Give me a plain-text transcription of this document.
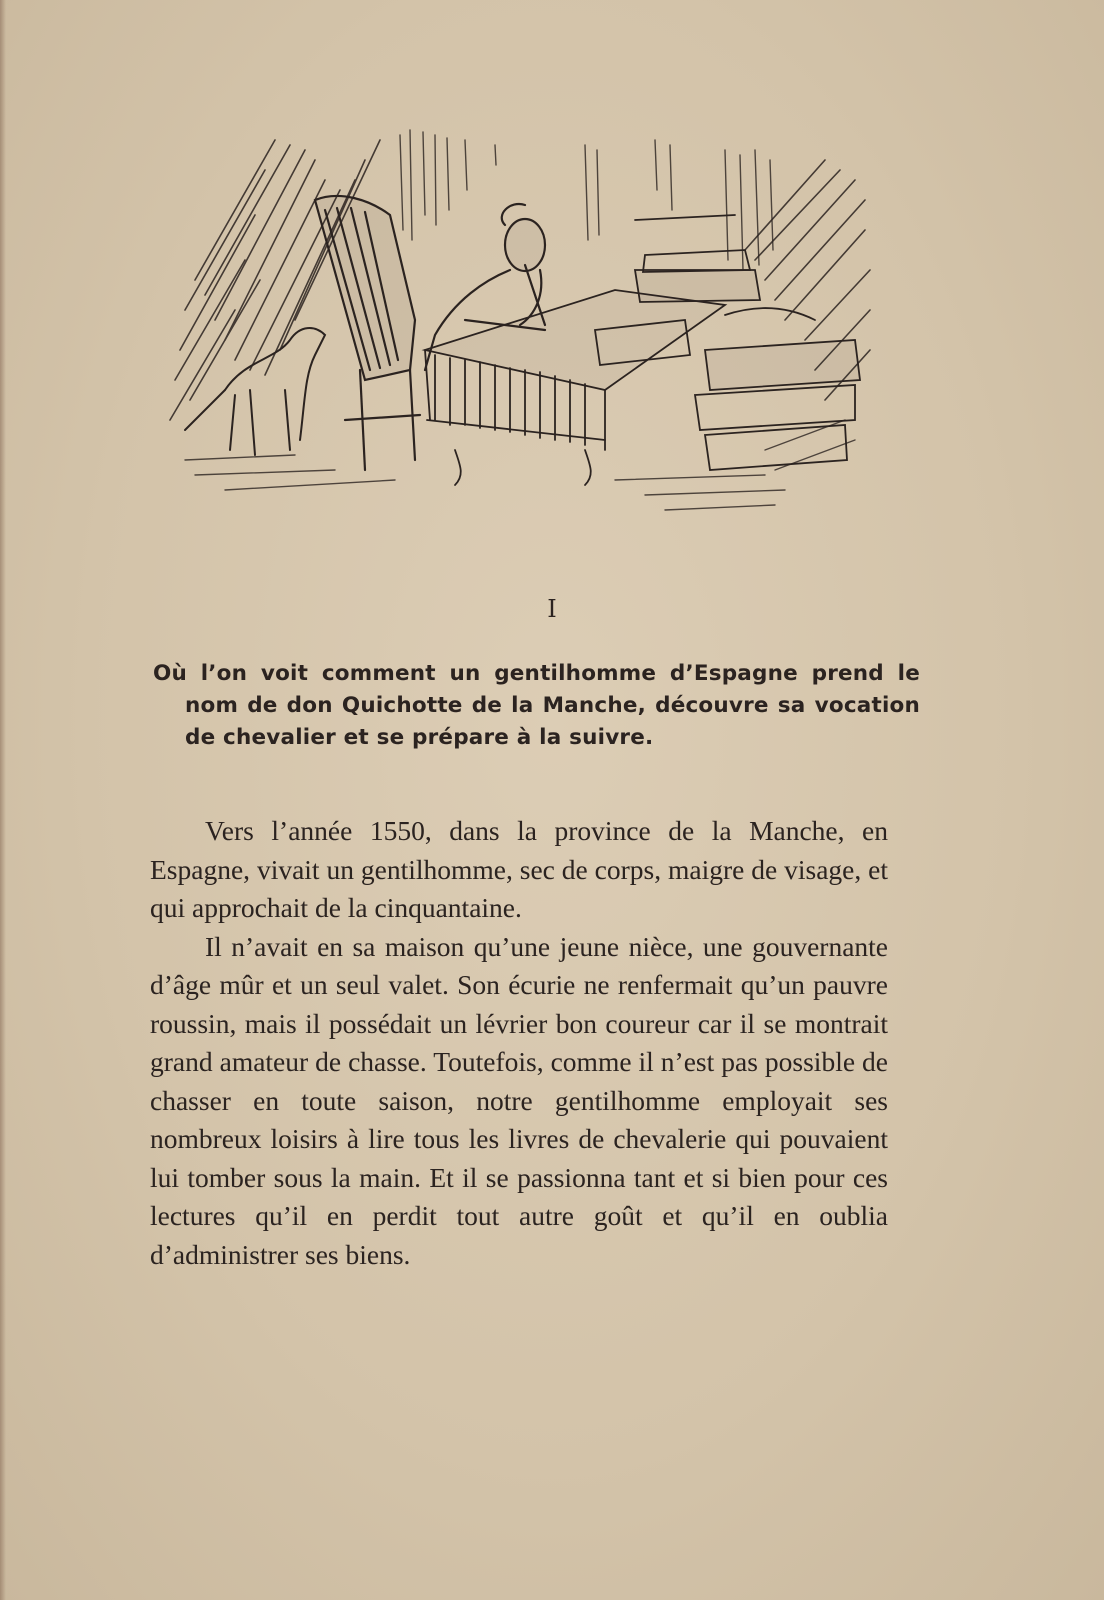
I

Où l’on voit comment un gentilhomme d’Espagne prend le nom de don Quichotte de la Manche, découvre sa vocation de chevalier et se prépare à la suivre.

Vers l’année 1550, dans la province de la Manche, en Espagne, vivait un gentilhomme, sec de corps, maigre de visage, et qui approchait de la cinquantaine.

Il n’avait en sa maison qu’une jeune nièce, une gouvernante d’âge mûr et un seul valet. Son écurie ne renfermait qu’un pauvre roussin, mais il possédait un lévrier bon coureur car il se montrait grand amateur de chasse. Toutefois, comme il n’est pas possible de chasser en toute saison, notre gentilhomme employait ses nombreux loisirs à lire tous les livres de chevalerie qui pouvaient lui tomber sous la main. Et il se passionna tant et si bien pour ces lectures qu’il en perdit tout autre goût et qu’il en oublia d’administrer ses biens.
